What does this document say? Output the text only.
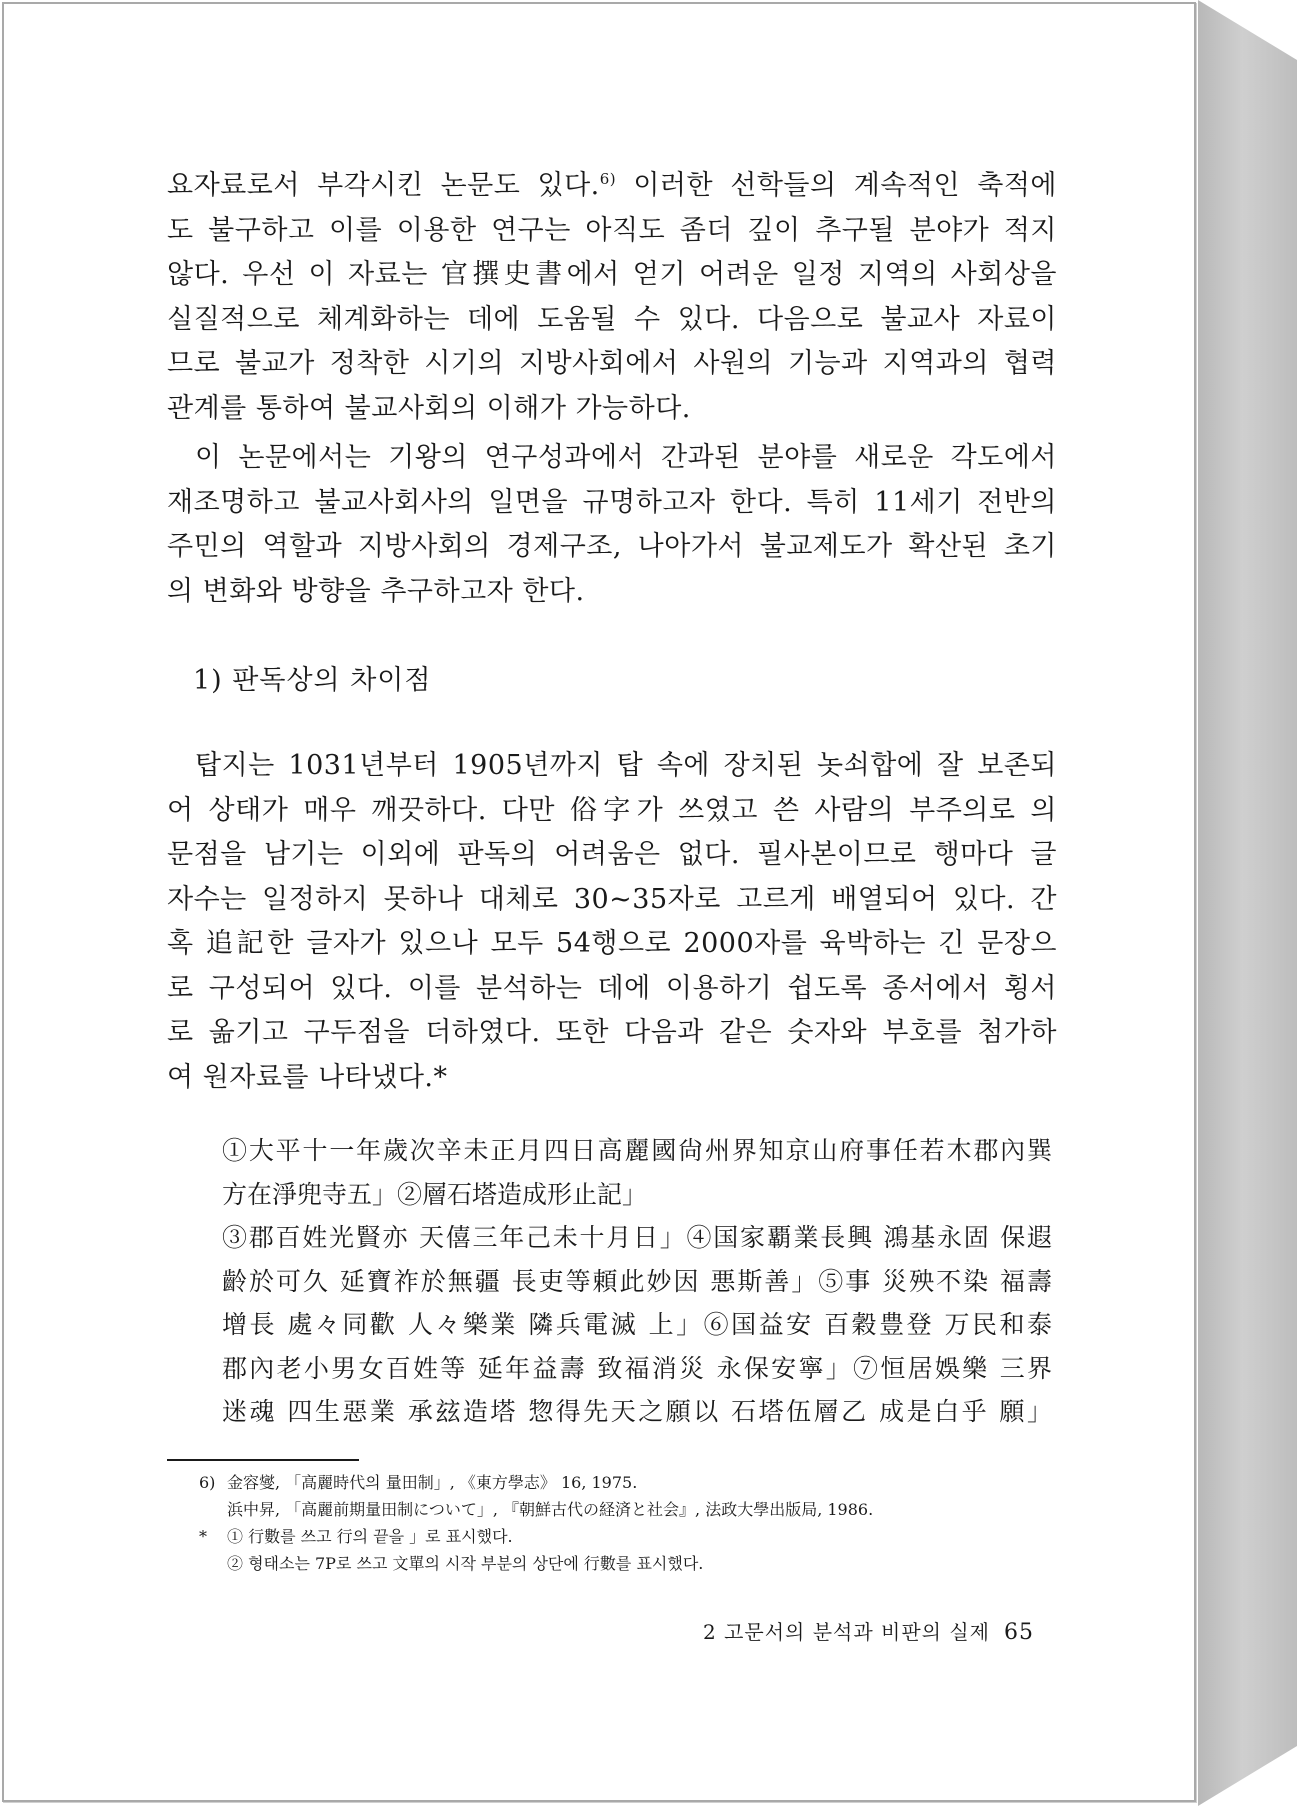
요자료로서 부각시킨 논문도 있다.$^{6)}$ 이러한 선학들의 계속적인 축적에
도 불구하고 이를 이용한 연구는 아직도 좀더 깊이 추구될 분야가 적지
않다. 우선 이 자료는 官撰史書에서 얻기 어려운 일정 지역의 사회상을
실질적으로 체계화하는 데에 도움될 수 있다. 다음으로 불교사 자료이
므로 불교가 정착한 시기의 지방사회에서 사원의 기능과 지역과의 협력
관계를 통하여 불교사회의 이해가 가능하다.
이 논문에서는 기왕의 연구성과에서 간과된 분야를 새로운 각도에서
재조명하고 불교사회사의 일면을 규명하고자 한다. 특히 11세기 전반의
주민의 역할과 지방사회의 경제구조, 나아가서 불교제도가 확산된 초기
의 변화와 방향을 추구하고자 한다.
1) 판독상의 차이점
탑지는 1031년부터 1905년까지 탑 속에 장치된 놋쇠합에 잘 보존되
어 상태가 매우 깨끗하다. 다만 俗字가 쓰였고 쓴 사람의 부주의로 의
문점을 남기는 이외에 판독의 어려움은 없다. 필사본이므로 행마다 글
자수는 일정하지 못하나 대체로 30~35자로 고르게 배열되어 있다. 간
혹 追記한 글자가 있으나 모두 54행으로 2000자를 육박하는 긴 문장으
로 구성되어 있다. 이를 분석하는 데에 이용하기 쉽도록 종서에서 횡서
로 옮기고 구두점을 더하였다. 또한 다음과 같은 숫자와 부호를 첨가하
여 원자료를 나타냈다.*
①大平十一年歲次辛未正月四日高麗國尙州界知京山府事任若木郡內巽
方在淨兜寺五」②層石塔造成形止記」
③郡百姓光賢亦 天僖三年己未十月日」④国家覇業長興 鴻基永固 保遐
齡於可久 延寶祚於無疆 長吏等頼此妙因 悪斯善」⑤事 災殃不染 福壽
增長 處々同歡 人々樂業 隣兵電滅 上」⑥国益安 百穀豊登 万民和泰
郡內老小男女百姓等 延年益壽 致福消災 永保安寧」⑦恒居娛樂 三界
迷魂 四生惡業 承玆造塔 惣得先天之願以 石塔伍層乙 成是白乎 願」
6) 金容燮, 「高麗時代의 量田制」, 《東方學志》 16, 1975.
浜中昇, 「高麗前期量田制について」, 『朝鮮古代の経済と社会』, 法政大學出版局, 1986.
* ① 行數를 쓰고 行의 끝을 」로 표시했다.
② 형태소는 7P로 쓰고 文單의 시작 부분의 상단에 行數를 표시했다.
2 고문서의 분석과 비판의 실제 65
